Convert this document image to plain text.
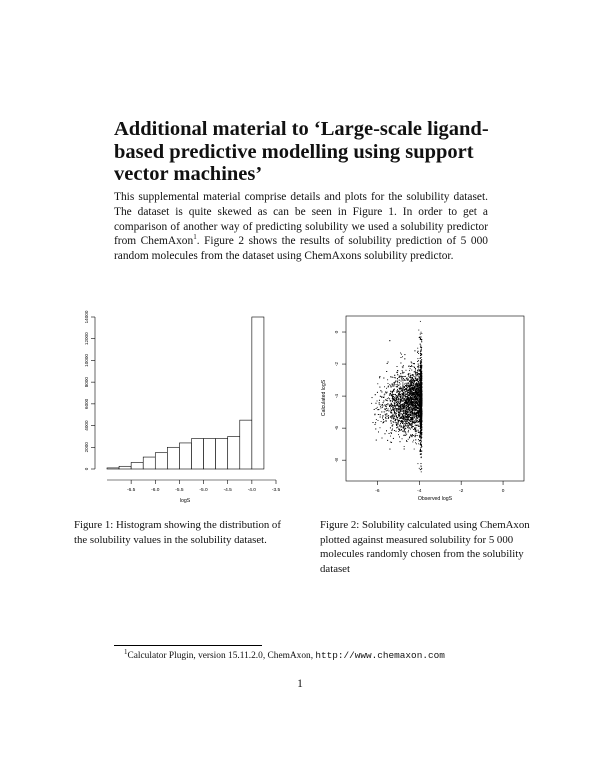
Additional material to ‘Large-scale ligand-based predictive modelling using support vector machines’

This supplemental material comprise details and plots for the solubility dataset. The dataset is quite skewed as can be seen in Figure 1. In order to get a comparison of another way of predicting solubility we used a solubility predictor from ChemAxon$^1$. Figure 2 shows the results of solubility prediction of 5 000 random molecules from the dataset using ChemAxons solubility predictor.

0
2000
4000
6000
8000
10000
12000
14000
-6.5	-6.0	-5.5	-5.0	-4.5	-4.0	-3.5
logS
-8
-6
-4
-2
0
-6	-4	-2	0
Observed logS
Calculated logS
Figure 1: Histogram showing the distribution of the solubility values in the solubility dataset.
Figure 2: Solubility calculated using ChemAxon plotted against measured solubility for 5 000 molecules randomly chosen from the solubility dataset
$^1$Calculator Plugin, version 15.11.2.0, ChemAxon, http://www.chemaxon.com
1
